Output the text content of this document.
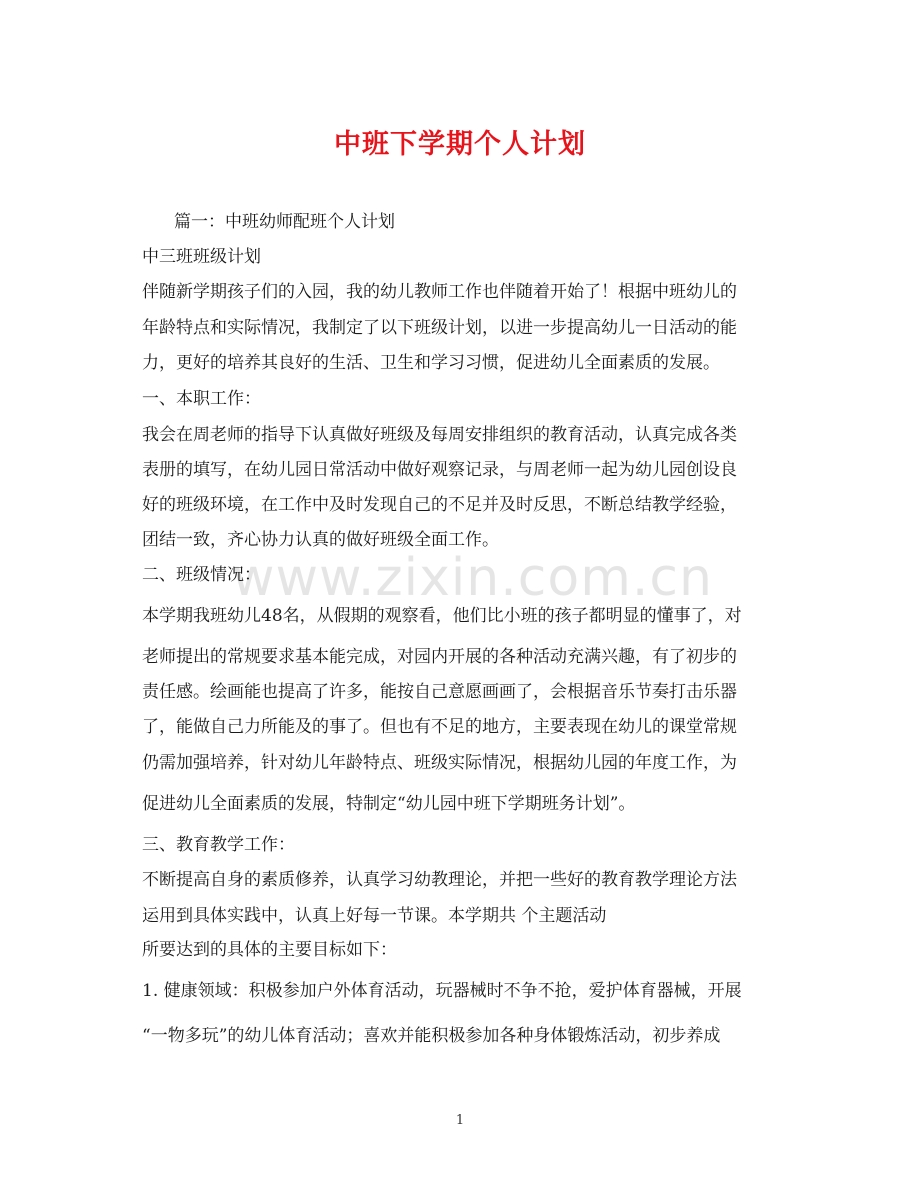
中班下学期个人计划
www.zixin.com.cn
篇一：中班幼师配班个人计划
中三班班级计划
伴随新学期孩子们的入园，我的幼儿教师工作也伴随着开始了！根据中班幼儿的
年龄特点和实际情况，我制定了以下班级计划，以进一步提高幼儿一日活动的能
力，更好的培养其良好的生活、卫生和学习习惯，促进幼儿全面素质的发展。
一、本职工作：
我会在周老师的指导下认真做好班级及每周安排组织的教育活动，认真完成各类
表册的填写，在幼儿园日常活动中做好观察记录，与周老师一起为幼儿园创设良
好的班级环境，在工作中及时发现自己的不足并及时反思，不断总结教学经验，
团结一致，齐心协力认真的做好班级全面工作。
二、班级情况：
本学期我班幼儿48名，从假期的观察看，他们比小班的孩子都明显的懂事了，对
老师提出的常规要求基本能完成，对园内开展的各种活动充满兴趣，有了初步的
责任感。绘画能也提高了许多，能按自己意愿画画了，会根据音乐节奏打击乐器
了，能做自己力所能及的事了。但也有不足的地方，主要表现在幼儿的课堂常规
仍需加强培养，针对幼儿年龄特点、班级实际情况，根据幼儿园的年度工作，为
促进幼儿全面素质的发展，特制定“幼儿园中班下学期班务计划”。
三、教育教学工作：
不断提高自身的素质修养，认真学习幼教理论，并把一些好的教育教学理论方法
运用到具体实践中，认真上好每一节课。本学期共 个主题活动
所要达到的具体的主要目标如下：
1. 健康领域：积极参加户外体育活动，玩器械时不争不抢，爱护体育器械，开展
“一物多玩”的幼儿体育活动；喜欢并能积极参加各种身体锻炼活动，初步养成
1
